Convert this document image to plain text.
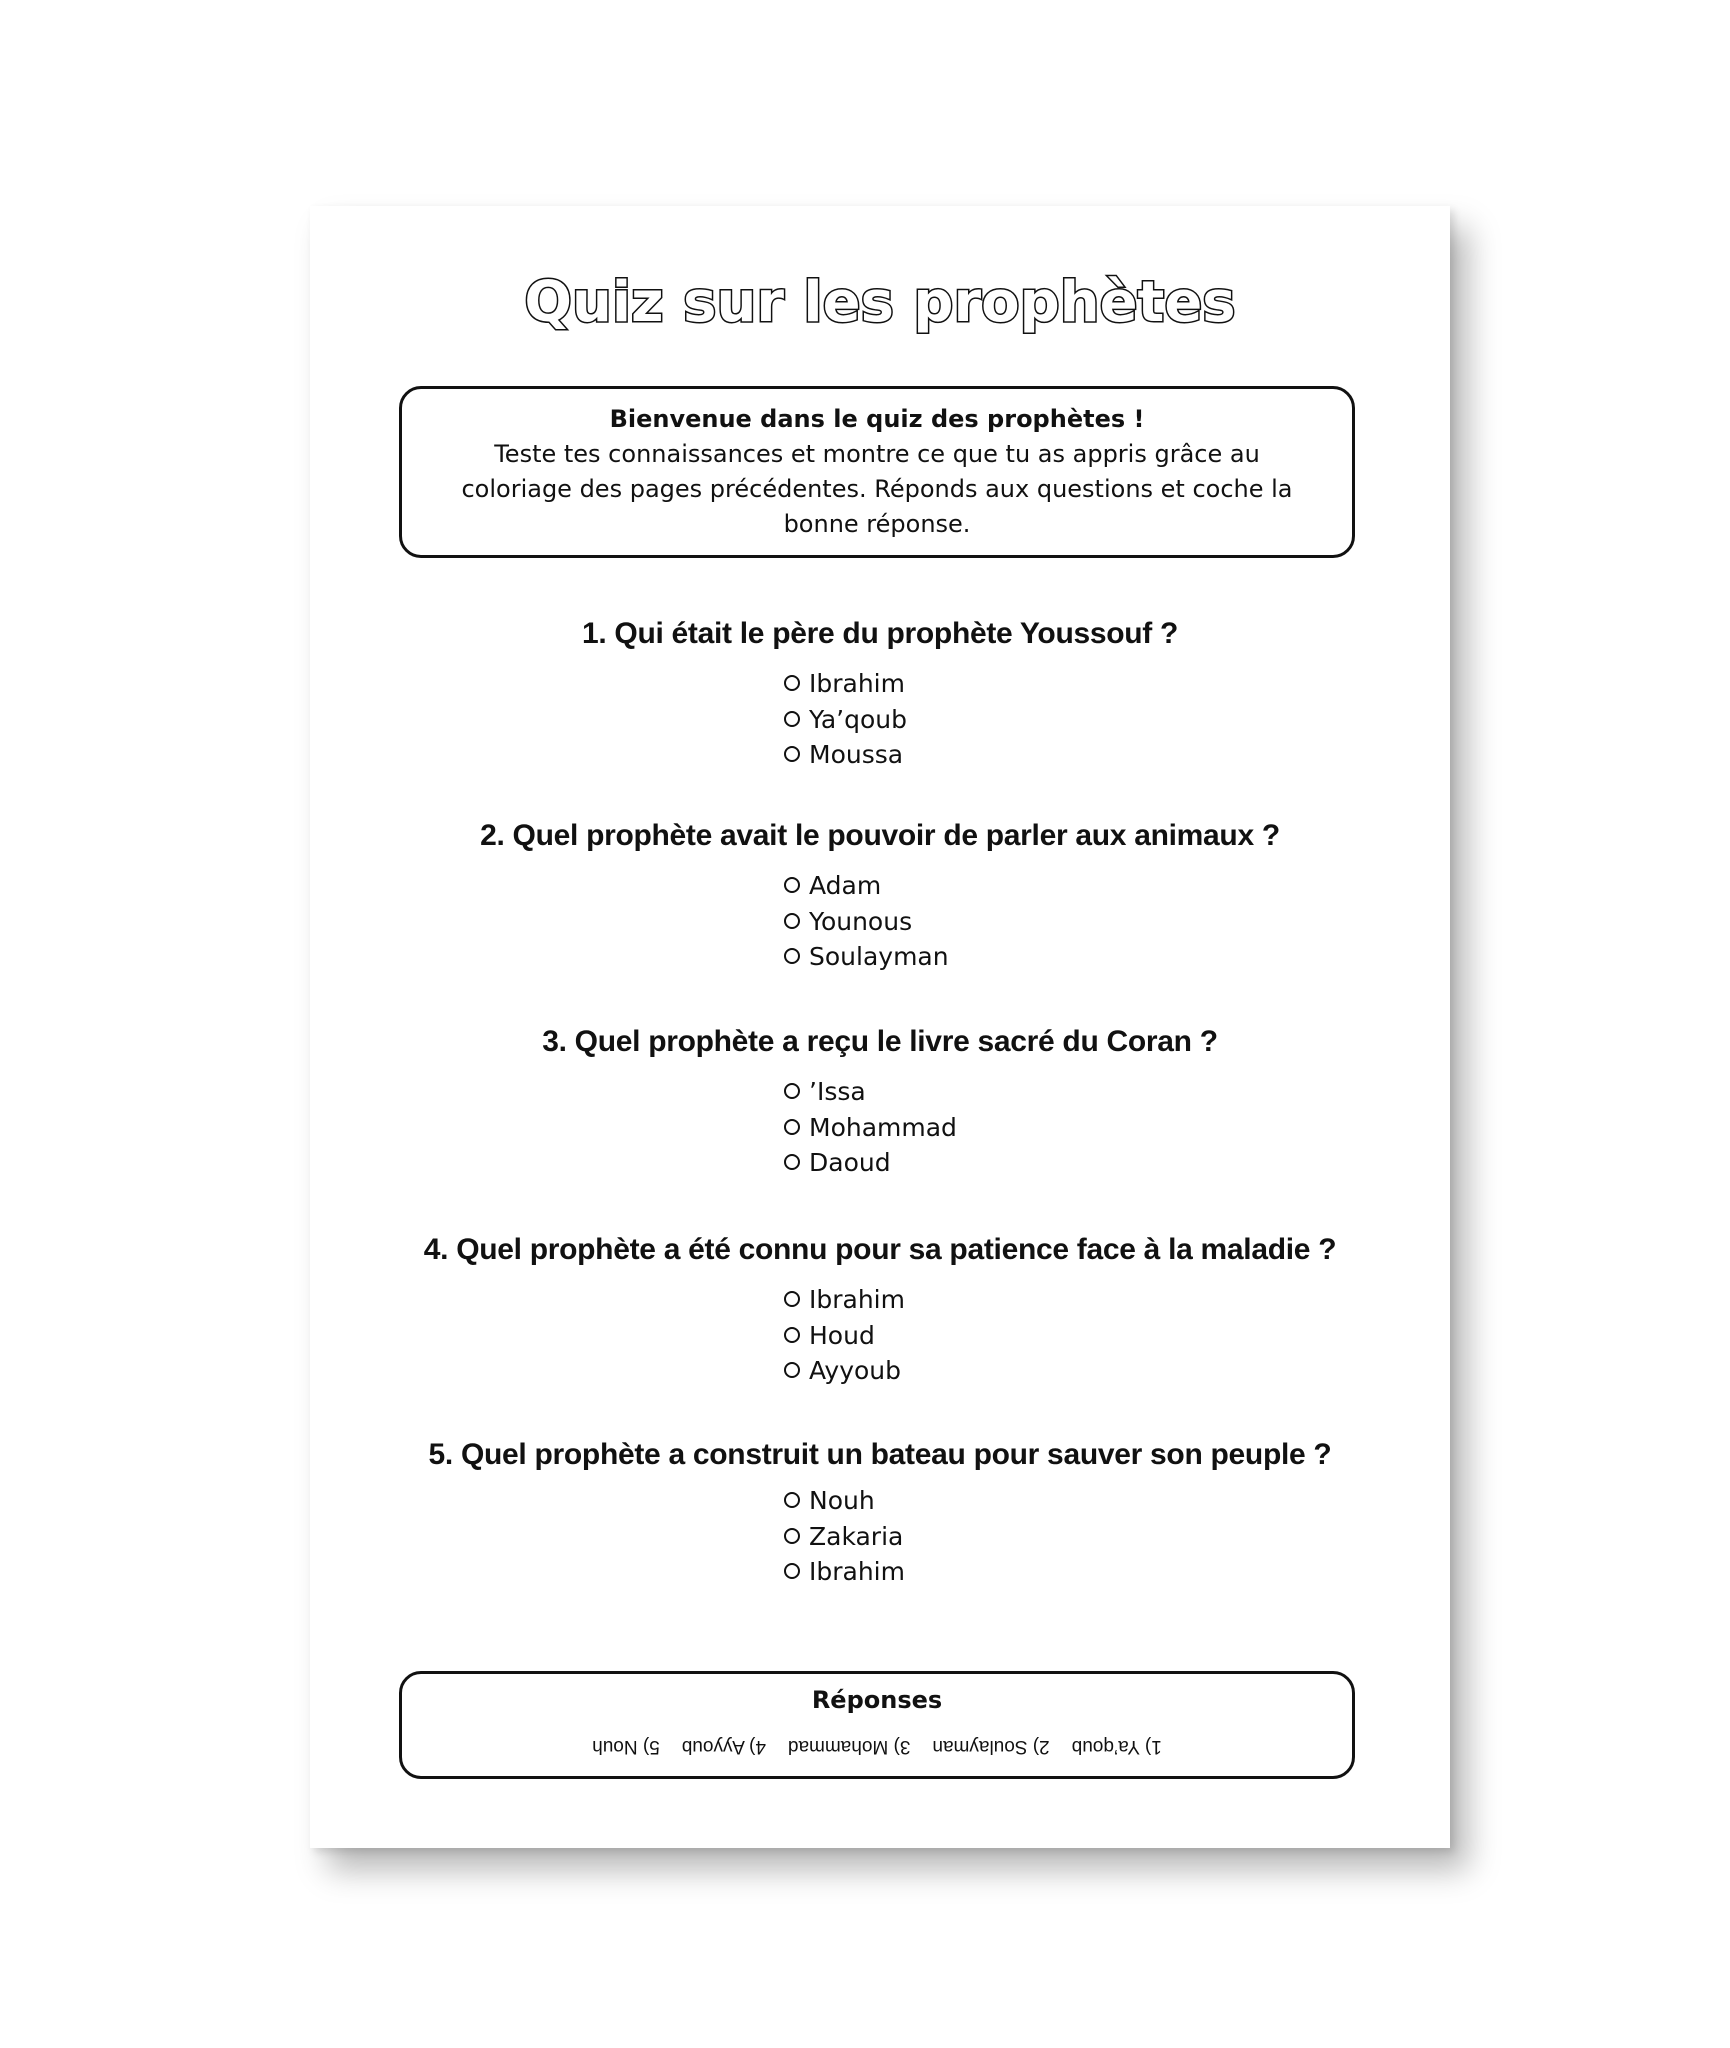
Quiz sur les prophètes
Bienvenue dans le quiz des prophètes !
Teste tes connaissances et montre ce que tu as appris grâce au
coloriage des pages précédentes. Réponds aux questions et coche la
bonne réponse.
1. Qui était le père du prophète Youssouf ?
Ibrahim
Ya’qoub
Moussa
2. Quel prophète avait le pouvoir de parler aux animaux ?
Adam
Younous
Soulayman
3. Quel prophète a reçu le livre sacré du Coran ?
’Issa
Mohammad
Daoud
4. Quel prophète a été connu pour sa patience face à la maladie ?
Ibrahim
Houd
Ayyoub
5. Quel prophète a construit un bateau pour sauver son peuple ?
Nouh
Zakaria
Ibrahim
Réponses
1) Ya’qoub
2) Soulayman
3) Mohammad
4) Ayyoub
5) Nouh
